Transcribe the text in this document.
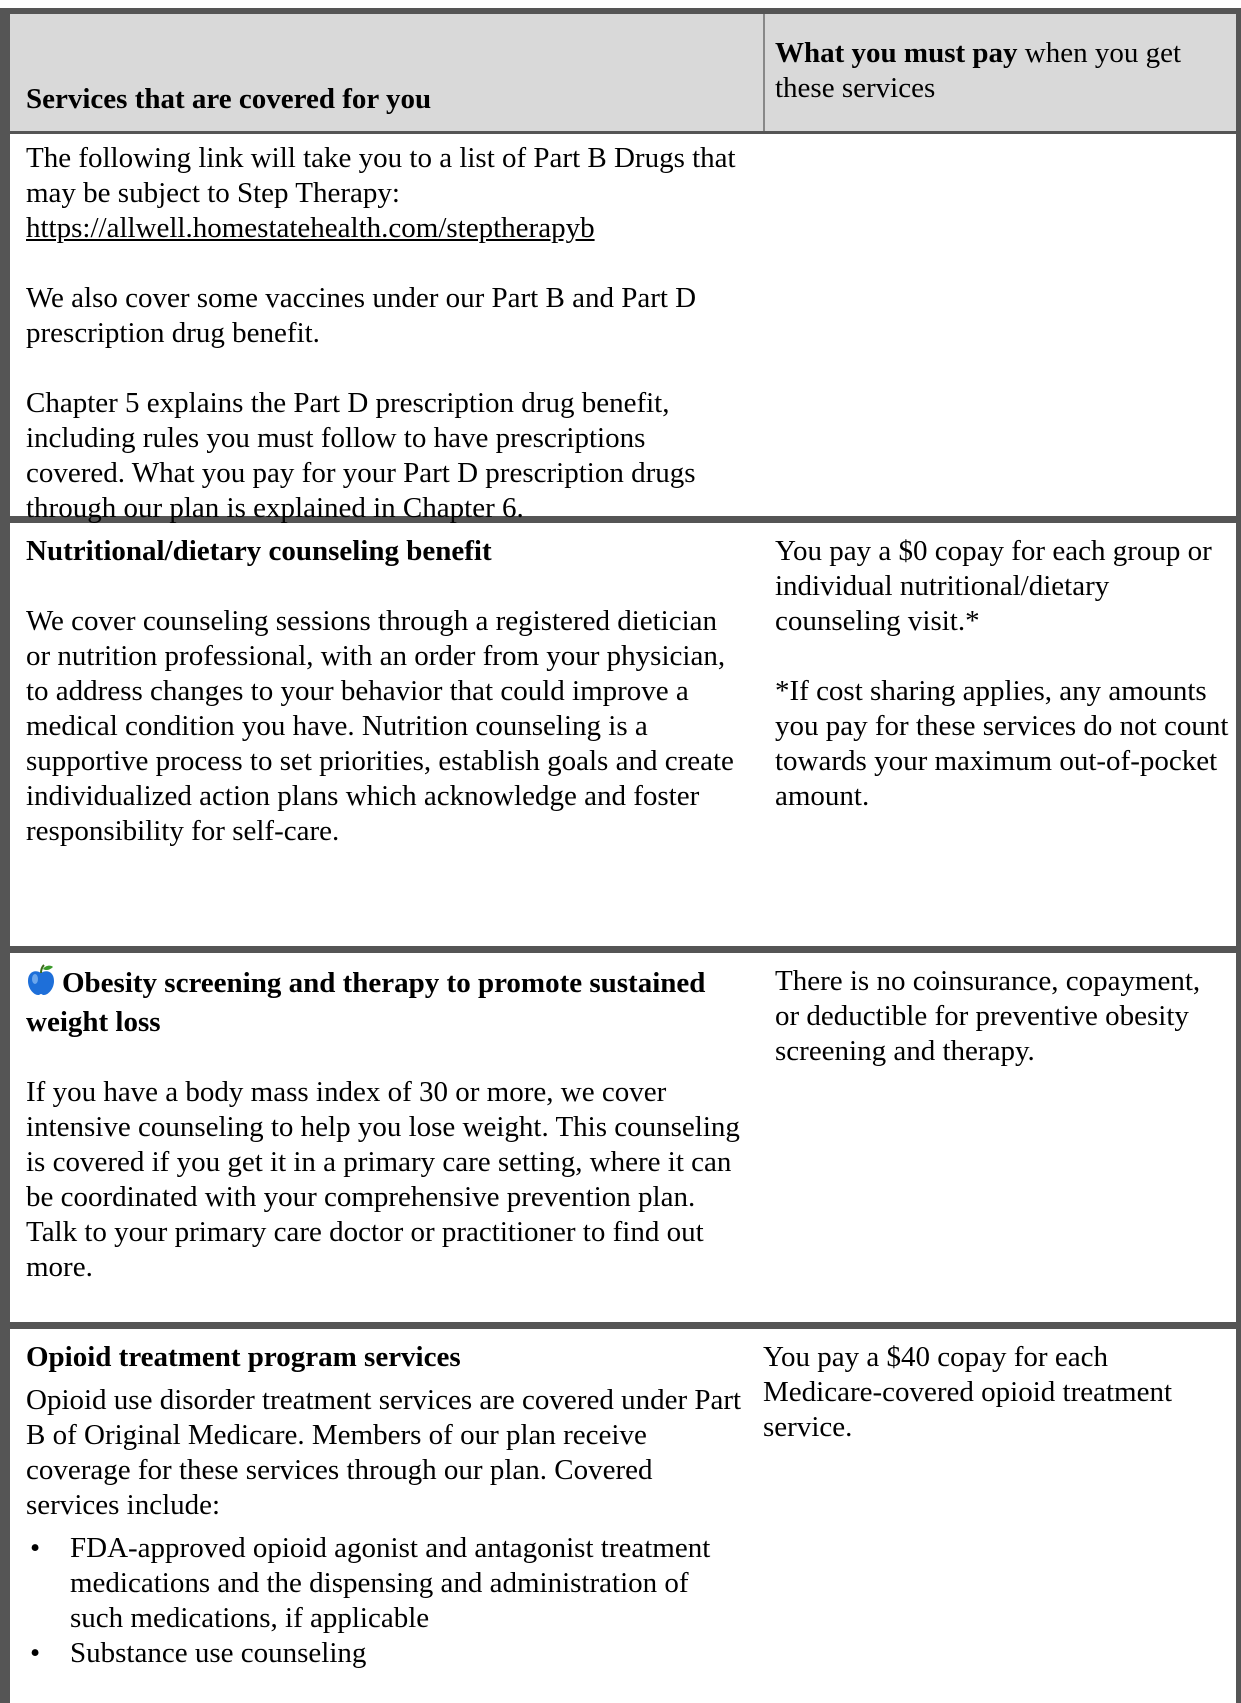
Services that are covered for you
What you must pay when you get these services

The following link will take you to a list of Part B Drugs that may be subject to Step Therapy: https://allwell.homestatehealth.com/steptherapyb

We also cover some vaccines under our Part B and Part D prescription drug benefit.

Chapter 5 explains the Part D prescription drug benefit, including rules you must follow to have prescriptions covered. What you pay for your Part D prescription drugs through our plan is explained in Chapter 6.

Nutritional/dietary counseling benefit

We cover counseling sessions through a registered dietician or nutrition professional, with an order from your physician, to address changes to your behavior that could improve a medical condition you have. Nutrition counseling is a supportive process to set priorities, establish goals and create individualized action plans which acknowledge and foster responsibility for self-care.

You pay a $0 copay for each group or individual nutritional/dietary counseling visit.*

*If cost sharing applies, any amounts you pay for these services do not count towards your maximum out-of-pocket amount.

Obesity screening and therapy to promote sustained weight loss

If you have a body mass index of 30 or more, we cover intensive counseling to help you lose weight. This counseling is covered if you get it in a primary care setting, where it can be coordinated with your comprehensive prevention plan. Talk to your primary care doctor or practitioner to find out more.

There is no coinsurance, copayment, or deductible for preventive obesity screening and therapy.

Opioid treatment program services

Opioid use disorder treatment services are covered under Part B of Original Medicare. Members of our plan receive coverage for these services through our plan. Covered services include:

• FDA-approved opioid agonist and antagonist treatment medications and the dispensing and administration of such medications, if applicable
• Substance use counseling

You pay a $40 copay for each Medicare-covered opioid treatment service.
